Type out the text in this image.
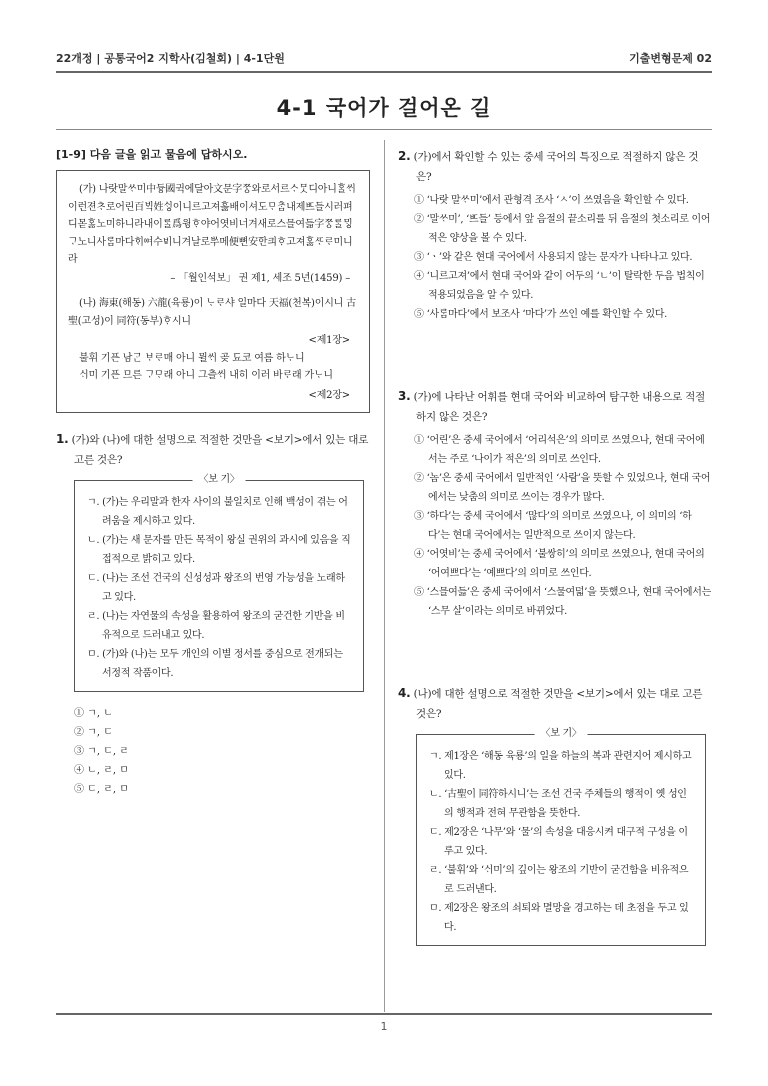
22개정 | 공통국어2 지학사(김철회) | 4-1단원	기출변형문제 02
4-1 국어가 걸어온 길
[1-9] 다음 글을 읽고 물음에 답하시오.

(가) 나랏말ᄊᆞ미中듀ᇰ國귁에달아文문字ᄍᆞᆼ와로서르ᄉᆞᄆᆞᆺ디아니ᄒᆞᆯᄊᆡ이런젼ᄎᆞ로어린百ᄇᆡᆨ姓ᄉᆡᇰ이니르고져호ᇙ배이셔도ᄆᆞᄎᆞᆷ내제ᄠᅳ들시러펴디몯ᄒᆞᇙ노미하니라내이ᄅᆞᆯ爲윙ᄒᆞ야어엿비너겨새로스믈여듧字ᄍᆞᆼᄅᆞᆯᄆᆡᇰᄀᆞ노니사ᄅᆞᆷ마다ᄒᆡᅇᅧ수ᄫᅵ니겨날로ᄡᅮ메便뼌安ᅙᅡᆫ킈ᄒᆞ고져ᄒᆞᇙᄯᆞᄅᆞ미니라

– 「월인석보」 권 제1, 세조 5년(1459) –

(나) 海東(해동) 六龍(육룡)이 ᄂᆞᄅᆞ샤 일마다 天福(천복)이시니 古聖(고성)이 同符(동부)ᄒᆞ시니

<제1장>

불휘 기픈 남ᄀᆞᆫ ᄇᆞᄅᆞ매 아니 뮐ᄊᆡ 곶 됴코 여름 하ᄂᆞ니

ᄉᆡ미 기픈 므른 ᄀᆞᄆᆞ래 아니 그츨ᄊᆡ 내히 이러 바ᄅᆞ래 가ᄂᆞ니

<제2장>

1. (가)와 (나)에 대한 설명으로 적절한 것만을 <보기>에서 있는 대로 고른 것은?

〈보 기〉

ㄱ. (가)는 우리말과 한자 사이의 불일치로 인해 백성이 겪는 어려움을 제시하고 있다.

ㄴ. (가)는 새 문자를 만든 목적이 왕실 권위의 과시에 있음을 직접적으로 밝히고 있다.

ㄷ. (나)는 조선 건국의 신성성과 왕조의 번영 가능성을 노래하고 있다.

ㄹ. (나)는 자연물의 속성을 활용하여 왕조의 굳건한 기반을 비유적으로 드러내고 있다.

ㅁ. (가)와 (나)는 모두 개인의 이별 정서를 중심으로 전개되는 서정적 작품이다.

① ㄱ, ㄴ
② ㄱ, ㄷ
③ ㄱ, ㄷ, ㄹ
④ ㄴ, ㄹ, ㅁ
⑤ ㄷ, ㄹ, ㅁ

2. (가)에서 확인할 수 있는 중세 국어의 특징으로 적절하지 않은 것은?

① ‘나랏 말ᄊᆞ미’에서 관형격 조사 ‘ㅅ’이 쓰였음을 확인할 수 있다.
② ‘말ᄊᆞ미’, ‘ᄠᅳ들’ 등에서 앞 음절의 끝소리를 뒤 음절의 첫소리로 이어 적은 양상을 볼 수 있다.
③ ‘ㆍ’와 같은 현대 국어에서 사용되지 않는 문자가 나타나고 있다.
④ ‘니르고져’에서 현대 국어와 같이 어두의 ‘ㄴ’이 탈락한 두음 법칙이 적용되었음을 알 수 있다.
⑤ ‘사ᄅᆞᆷ마다’에서 보조사 ‘마다’가 쓰인 예를 확인할 수 있다.

3. (가)에 나타난 어휘를 현대 국어와 비교하여 탐구한 내용으로 적절하지 않은 것은?

① ‘어린’은 중세 국어에서 ‘어리석은’의 의미로 쓰였으나, 현대 국어에서는 주로 ‘나이가 적은’의 의미로 쓰인다.
② ‘놈’은 중세 국어에서 일반적인 ‘사람’을 뜻할 수 있었으나, 현대 국어에서는 낮춤의 의미로 쓰이는 경우가 많다.
③ ‘하다’는 중세 국어에서 ‘많다’의 의미로 쓰였으나, 이 의미의 ‘하다’는 현대 국어에서는 일반적으로 쓰이지 않는다.
④ ‘어엿비’는 중세 국어에서 ‘불쌍히’의 의미로 쓰였으나, 현대 국어의 ‘어여쁘다’는 ‘예쁘다’의 의미로 쓰인다.
⑤ ‘스믈여듧’은 중세 국어에서 ‘스물여덟’을 뜻했으나, 현대 국어에서는 ‘스무 살’이라는 의미로 바뀌었다.

4. (나)에 대한 설명으로 적절한 것만을 <보기>에서 있는 대로 고른 것은?

〈보 기〉

ㄱ. 제1장은 ‘해동 육룡’의 일을 하늘의 복과 관련지어 제시하고 있다.

ㄴ. ‘古聖이 同符하시니’는 조선 건국 주체들의 행적이 옛 성인의 행적과 전혀 무관함을 뜻한다.

ㄷ. 제2장은 ‘나무’와 ‘물’의 속성을 대응시켜 대구적 구성을 이루고 있다.

ㄹ. ‘불휘’와 ‘ᄉᆡ미’의 깊이는 왕조의 기반이 굳건함을 비유적으로 드러낸다.

ㅁ. 제2장은 왕조의 쇠퇴와 멸망을 경고하는 데 초점을 두고 있다.

1
